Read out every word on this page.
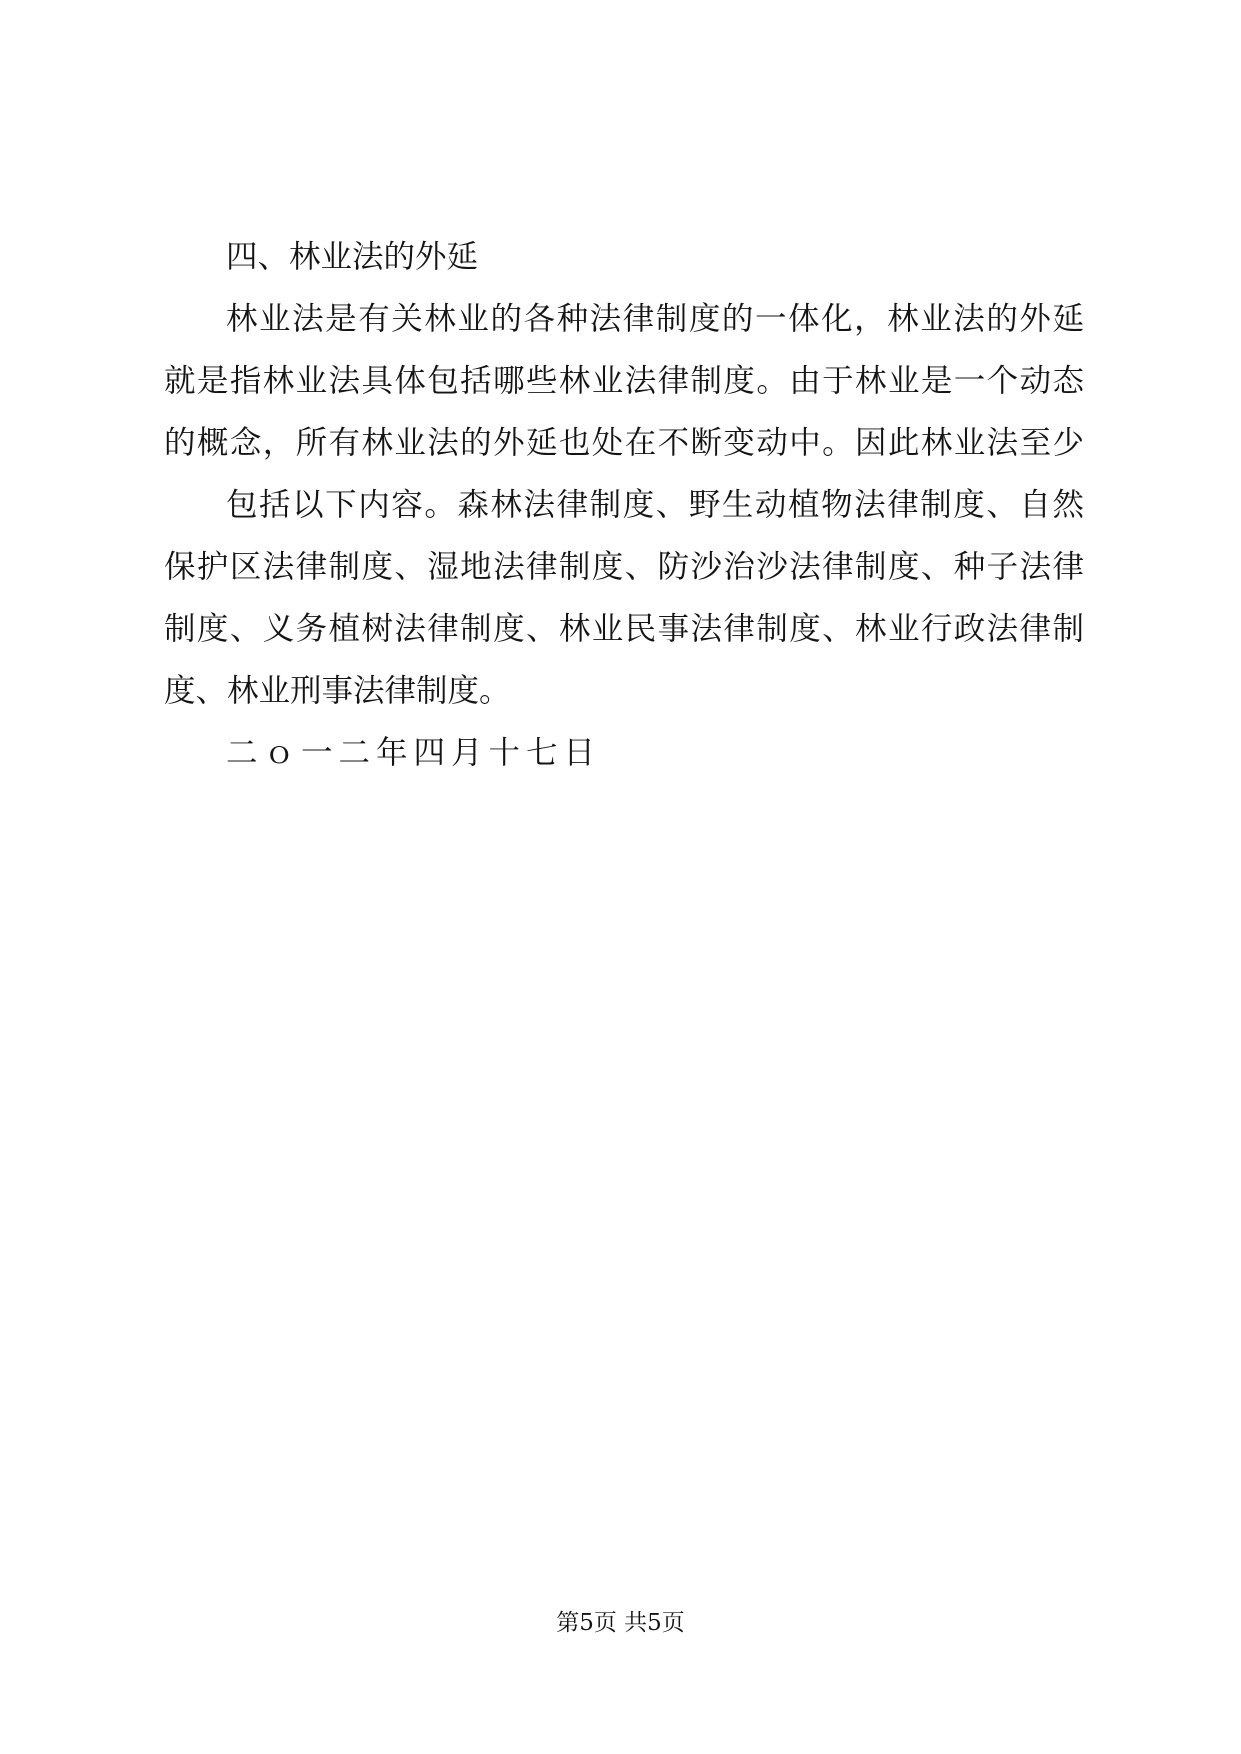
四、林业法的外延
林业法是有关林业的各种法律制度的一体化，林业法的外延
就是指林业法具体包括哪些林业法律制度。由于林业是一个动态
的概念，所有林业法的外延也处在不断变动中。因此林业法至少
包括以下内容。森林法律制度、野生动植物法律制度、自然
保护区法律制度、湿地法律制度、防沙治沙法律制度、种子法律
制度、义务植树法律制度、林业民事法律制度、林业行政法律制
度、林业刑事法律制度。
二ｏ一二年四月十七日
第5页 共5页
